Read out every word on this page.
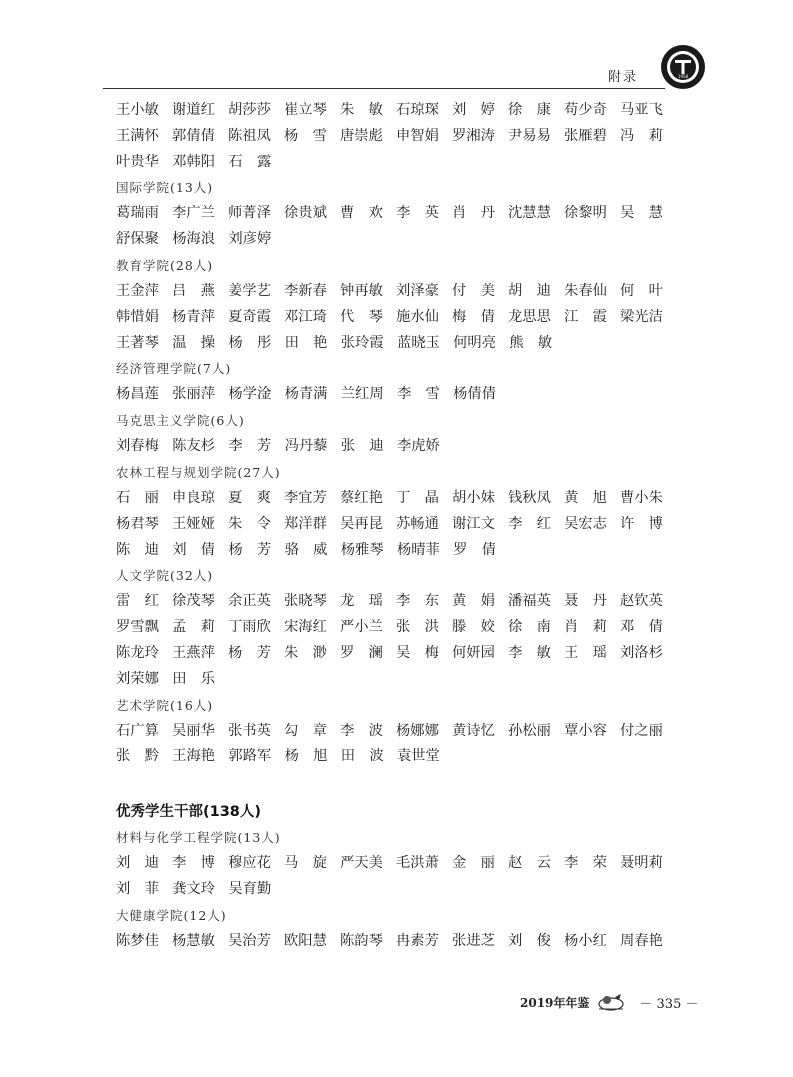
附录	1958
王小敏 谢道红 胡莎莎 崔立琴 朱　敏 石琼琛 刘　婷 徐　康 苟少奇 马亚飞
王满怀 郭倩倩 陈祖凤 杨　雪 唐崇彪 申智娟 罗湘涛 尹易易 张雁碧 冯　莉
叶贵华 邓韩阳 石　露
国际学院(13人)
葛瑞雨 李广兰 师菁泽 徐贵斌 曹　欢 李　英 肖　丹 沈慧慧 徐黎明 吴　慧
舒保聚 杨海浪 刘彦婷
教育学院(28人)
王金萍 吕　燕 姜学艺 李新春 钟再敏 刘泽豪 付　美 胡　迪 朱春仙 何　叶
韩惜娟 杨青萍 夏奇霞 邓江琦 代　琴 施水仙 梅　倩 龙思思 江　霞 梁光洁
王著琴 温　操 杨　彤 田　艳 张玲霞 蓝晓玉 何明亮 熊　敏
经济管理学院(7人)
杨昌莲 张丽萍 杨学淦 杨青满 兰红周 李　雪 杨倩倩
马克思主义学院(6人)
刘春梅 陈友杉 李　芳 冯丹藜 张　迪 李虎娇
农林工程与规划学院(27人)
石　丽 申良琼 夏　爽 李宜芳 蔡红艳 丁　晶 胡小妹 钱秋凤 黄　旭 曹小朱
杨君琴 王娅娅 朱　令 郑洋群 吴再昆 苏畅通 谢江文 李　红 吴宏志 许　博
陈　迪 刘　倩 杨　芳 骆　威 杨雅琴 杨晴菲 罗　倩
人文学院(32人)
雷　红 徐茂琴 余正英 张晓琴 龙　瑶 李　东 黄　娟 潘福英 聂　丹 赵钦英
罗雪飘 孟　莉 丁雨欣 宋海红 严小兰 张　洪 滕　姣 徐　南 肖　莉 邓　倩
陈龙玲 王燕萍 杨　芳 朱　渺 罗　澜 吴　梅 何妍园 李　敏 王　瑶 刘洛杉
刘荣娜 田　乐
艺术学院(16人)
石广算 吴丽华 张书英 勾　章 李　波 杨娜娜 黄诗忆 孙松丽 覃小容 付之丽
张　黔 王海艳 郭路军 杨　旭 田　波 袁世堂
优秀学生干部(138人)
材料与化学工程学院(13人)
刘　迪 李　博 穆应花 马　旋 严天美 毛洪萧 金　丽 赵　云 李　荣 聂明莉
刘　菲 龚文玲 吴育勤
大健康学院(12人)
陈梦佳 杨慧敏 吴治芳 欧阳慧 陈韵琴 冉素芳 张进芝 刘　俊 杨小红 周春艳
2019年年鉴	－ 335 －
